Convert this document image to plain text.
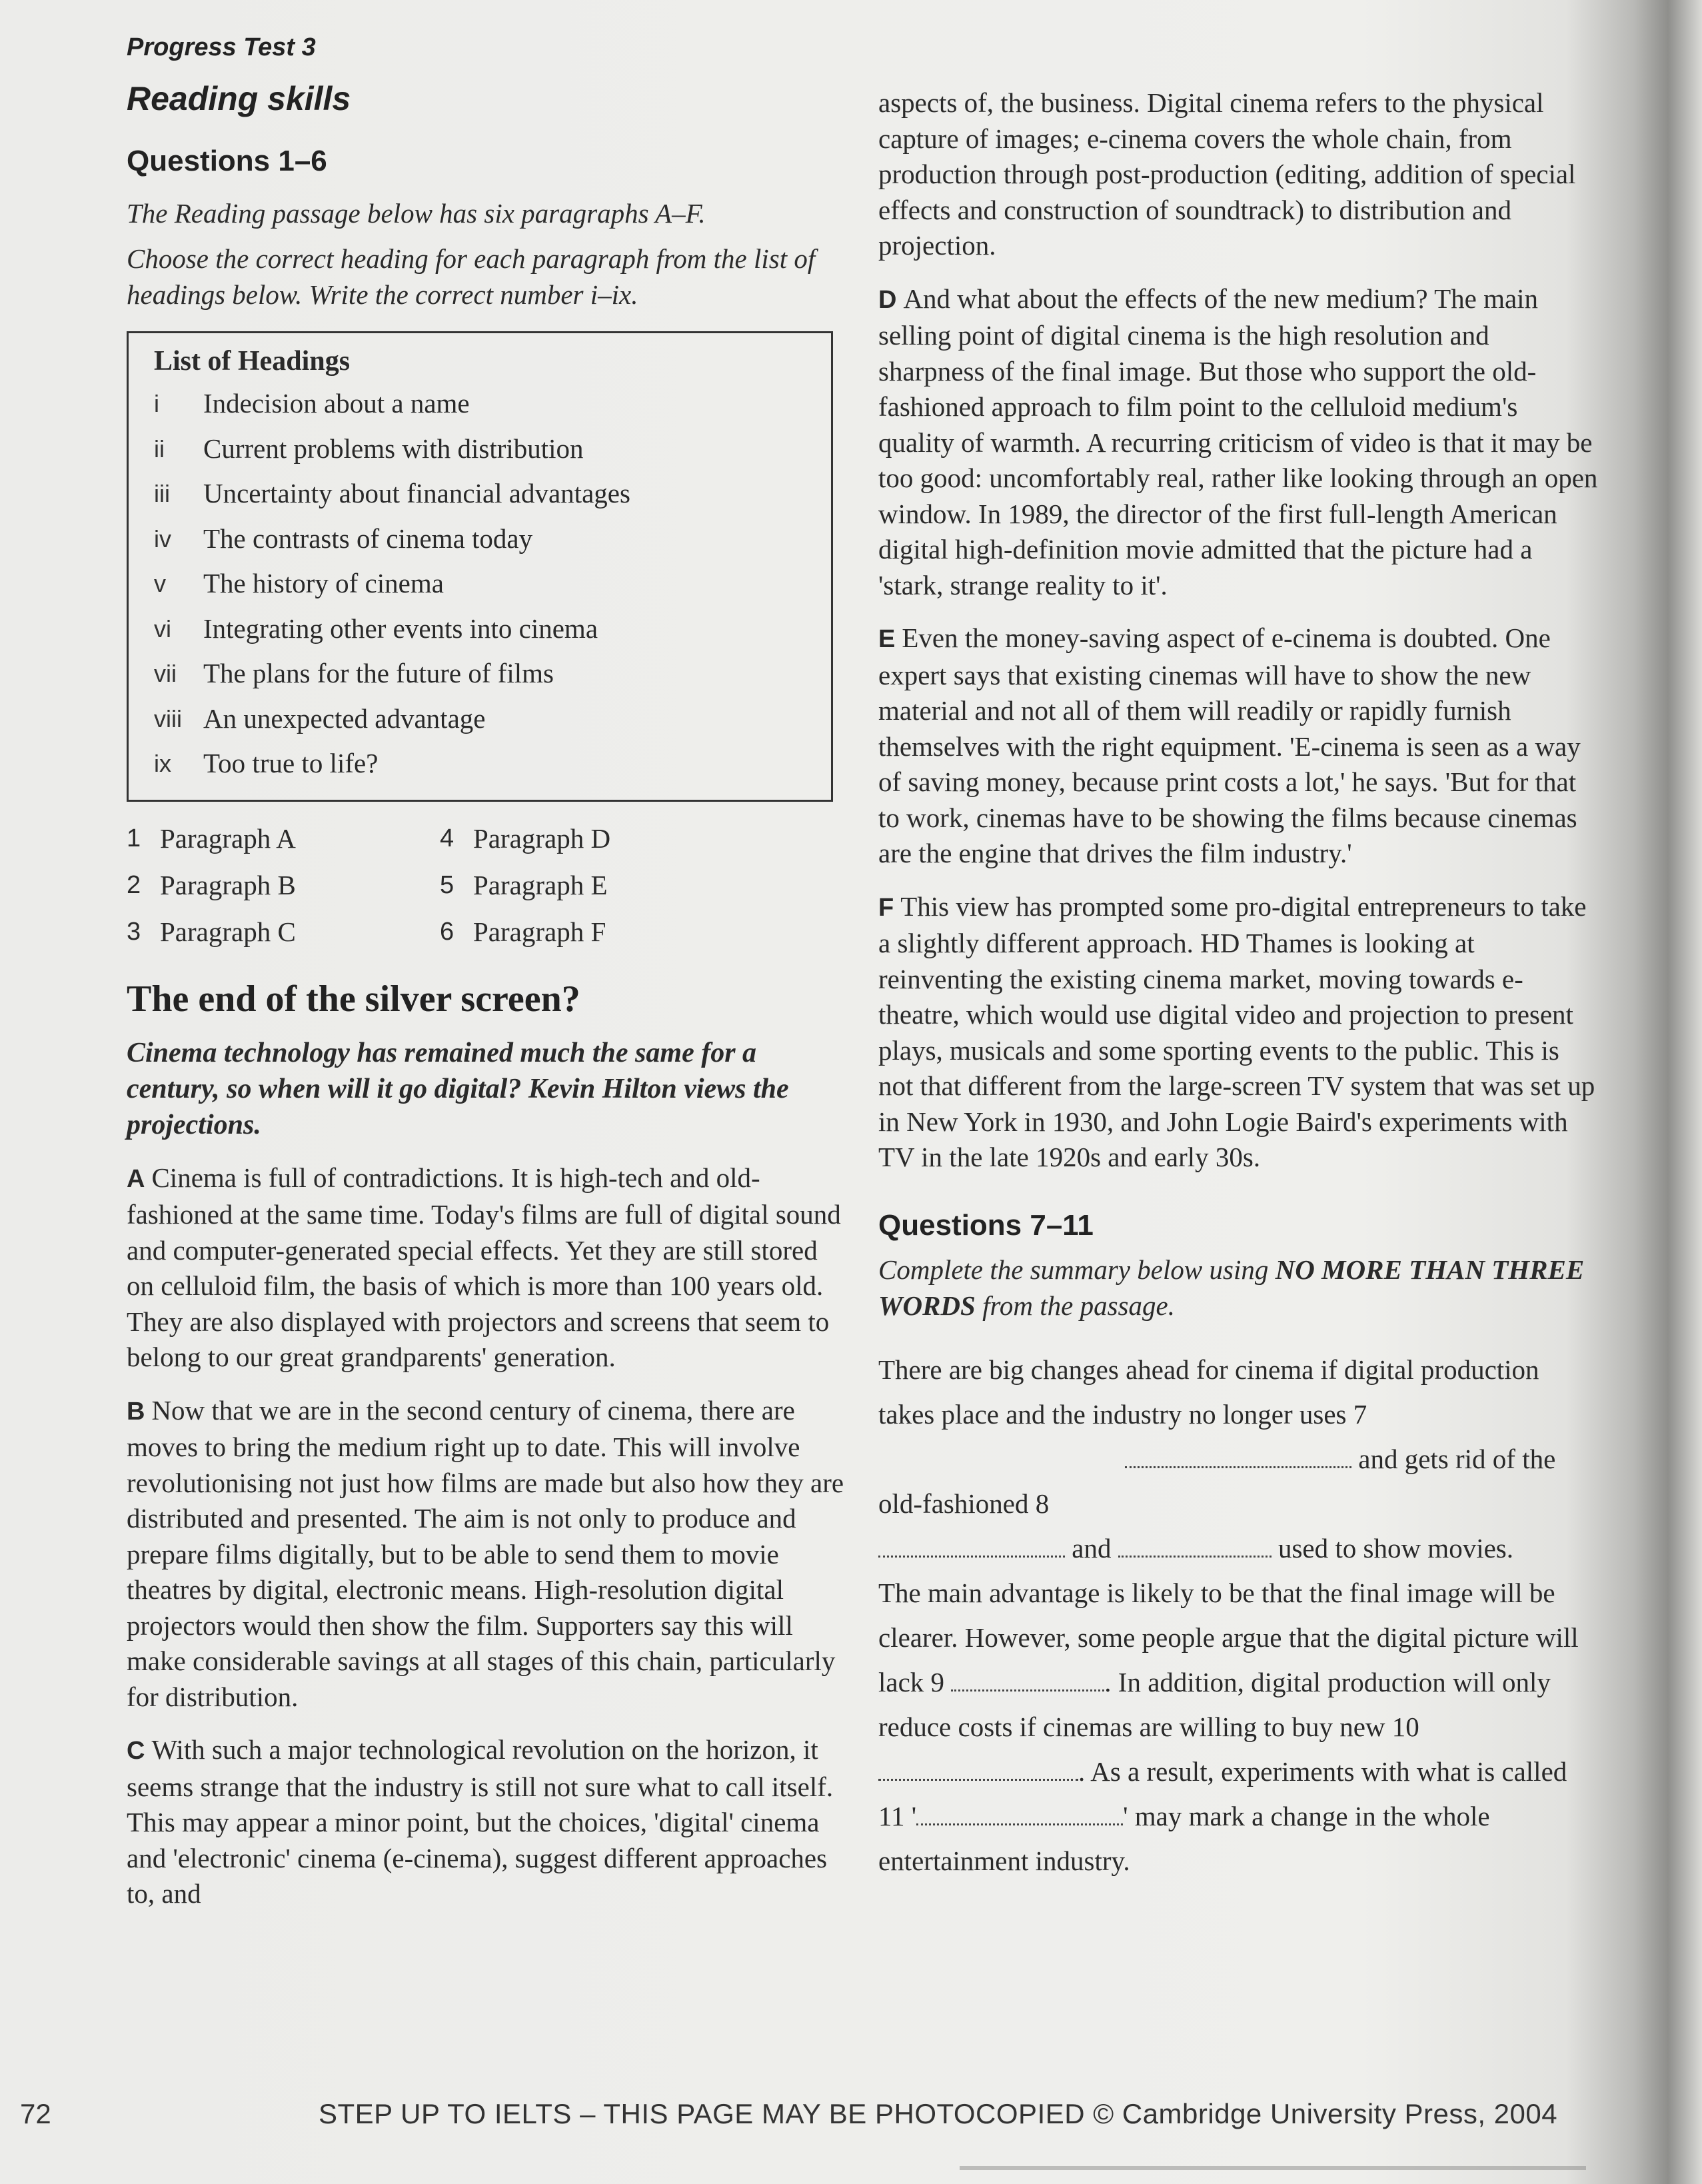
Progress Test 3
Reading skills
Questions 1–6
The Reading passage below has six paragraphs A–F.
Choose the correct heading for each paragraph from the list of headings below. Write the correct number i–ix.
List of Headings
i	Indecision about a name
ii	Current problems with distribution
iii	Uncertainty about financial advantages
iv	The contrasts of cinema today
v	The history of cinema
vi	Integrating other events into cinema
vii The plans for the future of films
viii An unexpected advantage
ix	Too true to life?
1 Paragraph A	4 Paragraph D
2 Paragraph B	5 Paragraph E
3 Paragraph C	6 Paragraph F
The end of the silver screen?
Cinema technology has remained much the same for a century, so when will it go digital? Kevin Hilton views the projections.
A Cinema is full of contradictions. It is high-tech and old-fashioned at the same time. Today's films are full of digital sound and computer-generated special effects. Yet they are still stored on celluloid film, the basis of which is more than 100 years old. They are also displayed with projectors and screens that seem to belong to our great grandparents' generation.
B Now that we are in the second century of cinema, there are moves to bring the medium right up to date. This will involve revolutionising not just how films are made but also how they are distributed and presented. The aim is not only to produce and prepare films digitally, but to be able to send them to movie theatres by digital, electronic means. High-resolution digital projectors would then show the film. Supporters say this will make considerable savings at all stages of this chain, particularly for distribution.
C With such a major technological revolution on the horizon, it seems strange that the industry is still not sure what to call itself. This may appear a minor point, but the choices, 'digital' cinema and 'electronic' cinema (e-cinema), suggest different approaches to, and
aspects of, the business. Digital cinema refers to the physical capture of images; e-cinema covers the whole chain, from production through post-production (editing, addition of special effects and construction of soundtrack) to distribution and projection.
D And what about the effects of the new medium? The main selling point of digital cinema is the high resolution and sharpness of the final image. But those who support the old-fashioned approach to film point to the celluloid medium's quality of warmth. A recurring criticism of video is that it may be too good: uncomfortably real, rather like looking through an open window. In 1989, the director of the first full-length American digital high-definition movie admitted that the picture had a 'stark, strange reality to it'.
E Even the money-saving aspect of e-cinema is doubted. One expert says that existing cinemas will have to show the new material and not all of them will readily or rapidly furnish themselves with the right equipment. 'E-cinema is seen as a way of saving money, because print costs a lot,' he says. 'But for that to work, cinemas have to be showing the films because cinemas are the engine that drives the film industry.'
F This view has prompted some pro-digital entrepreneurs to take a slightly different approach. HD Thames is looking at reinventing the existing cinema market, moving towards e-theatre, which would use digital video and projection to present plays, musicals and some sporting events to the public. This is not that different from the large-screen TV system that was set up in New York in 1930, and John Logie Baird's experiments with TV in the late 1920s and early 30s.
Questions 7–11
Complete the summary below using NO MORE THAN THREE WORDS from the passage.
There are big changes ahead for cinema if digital production takes place and the industry no longer uses 7
and gets rid of the old-fashioned 8
and	used to show movies.
The main advantage is likely to be that the final image will be clearer. However, some people argue that the digital picture will lack 9	. In addition, digital production will only reduce costs if cinemas are willing to buy new 10 . As a result, experiments with what is called 11 '	' may mark a change in the whole entertainment industry.
72	STEP UP TO IELTS – THIS PAGE MAY BE PHOTOCOPIED © Cambridge University Press, 2004
